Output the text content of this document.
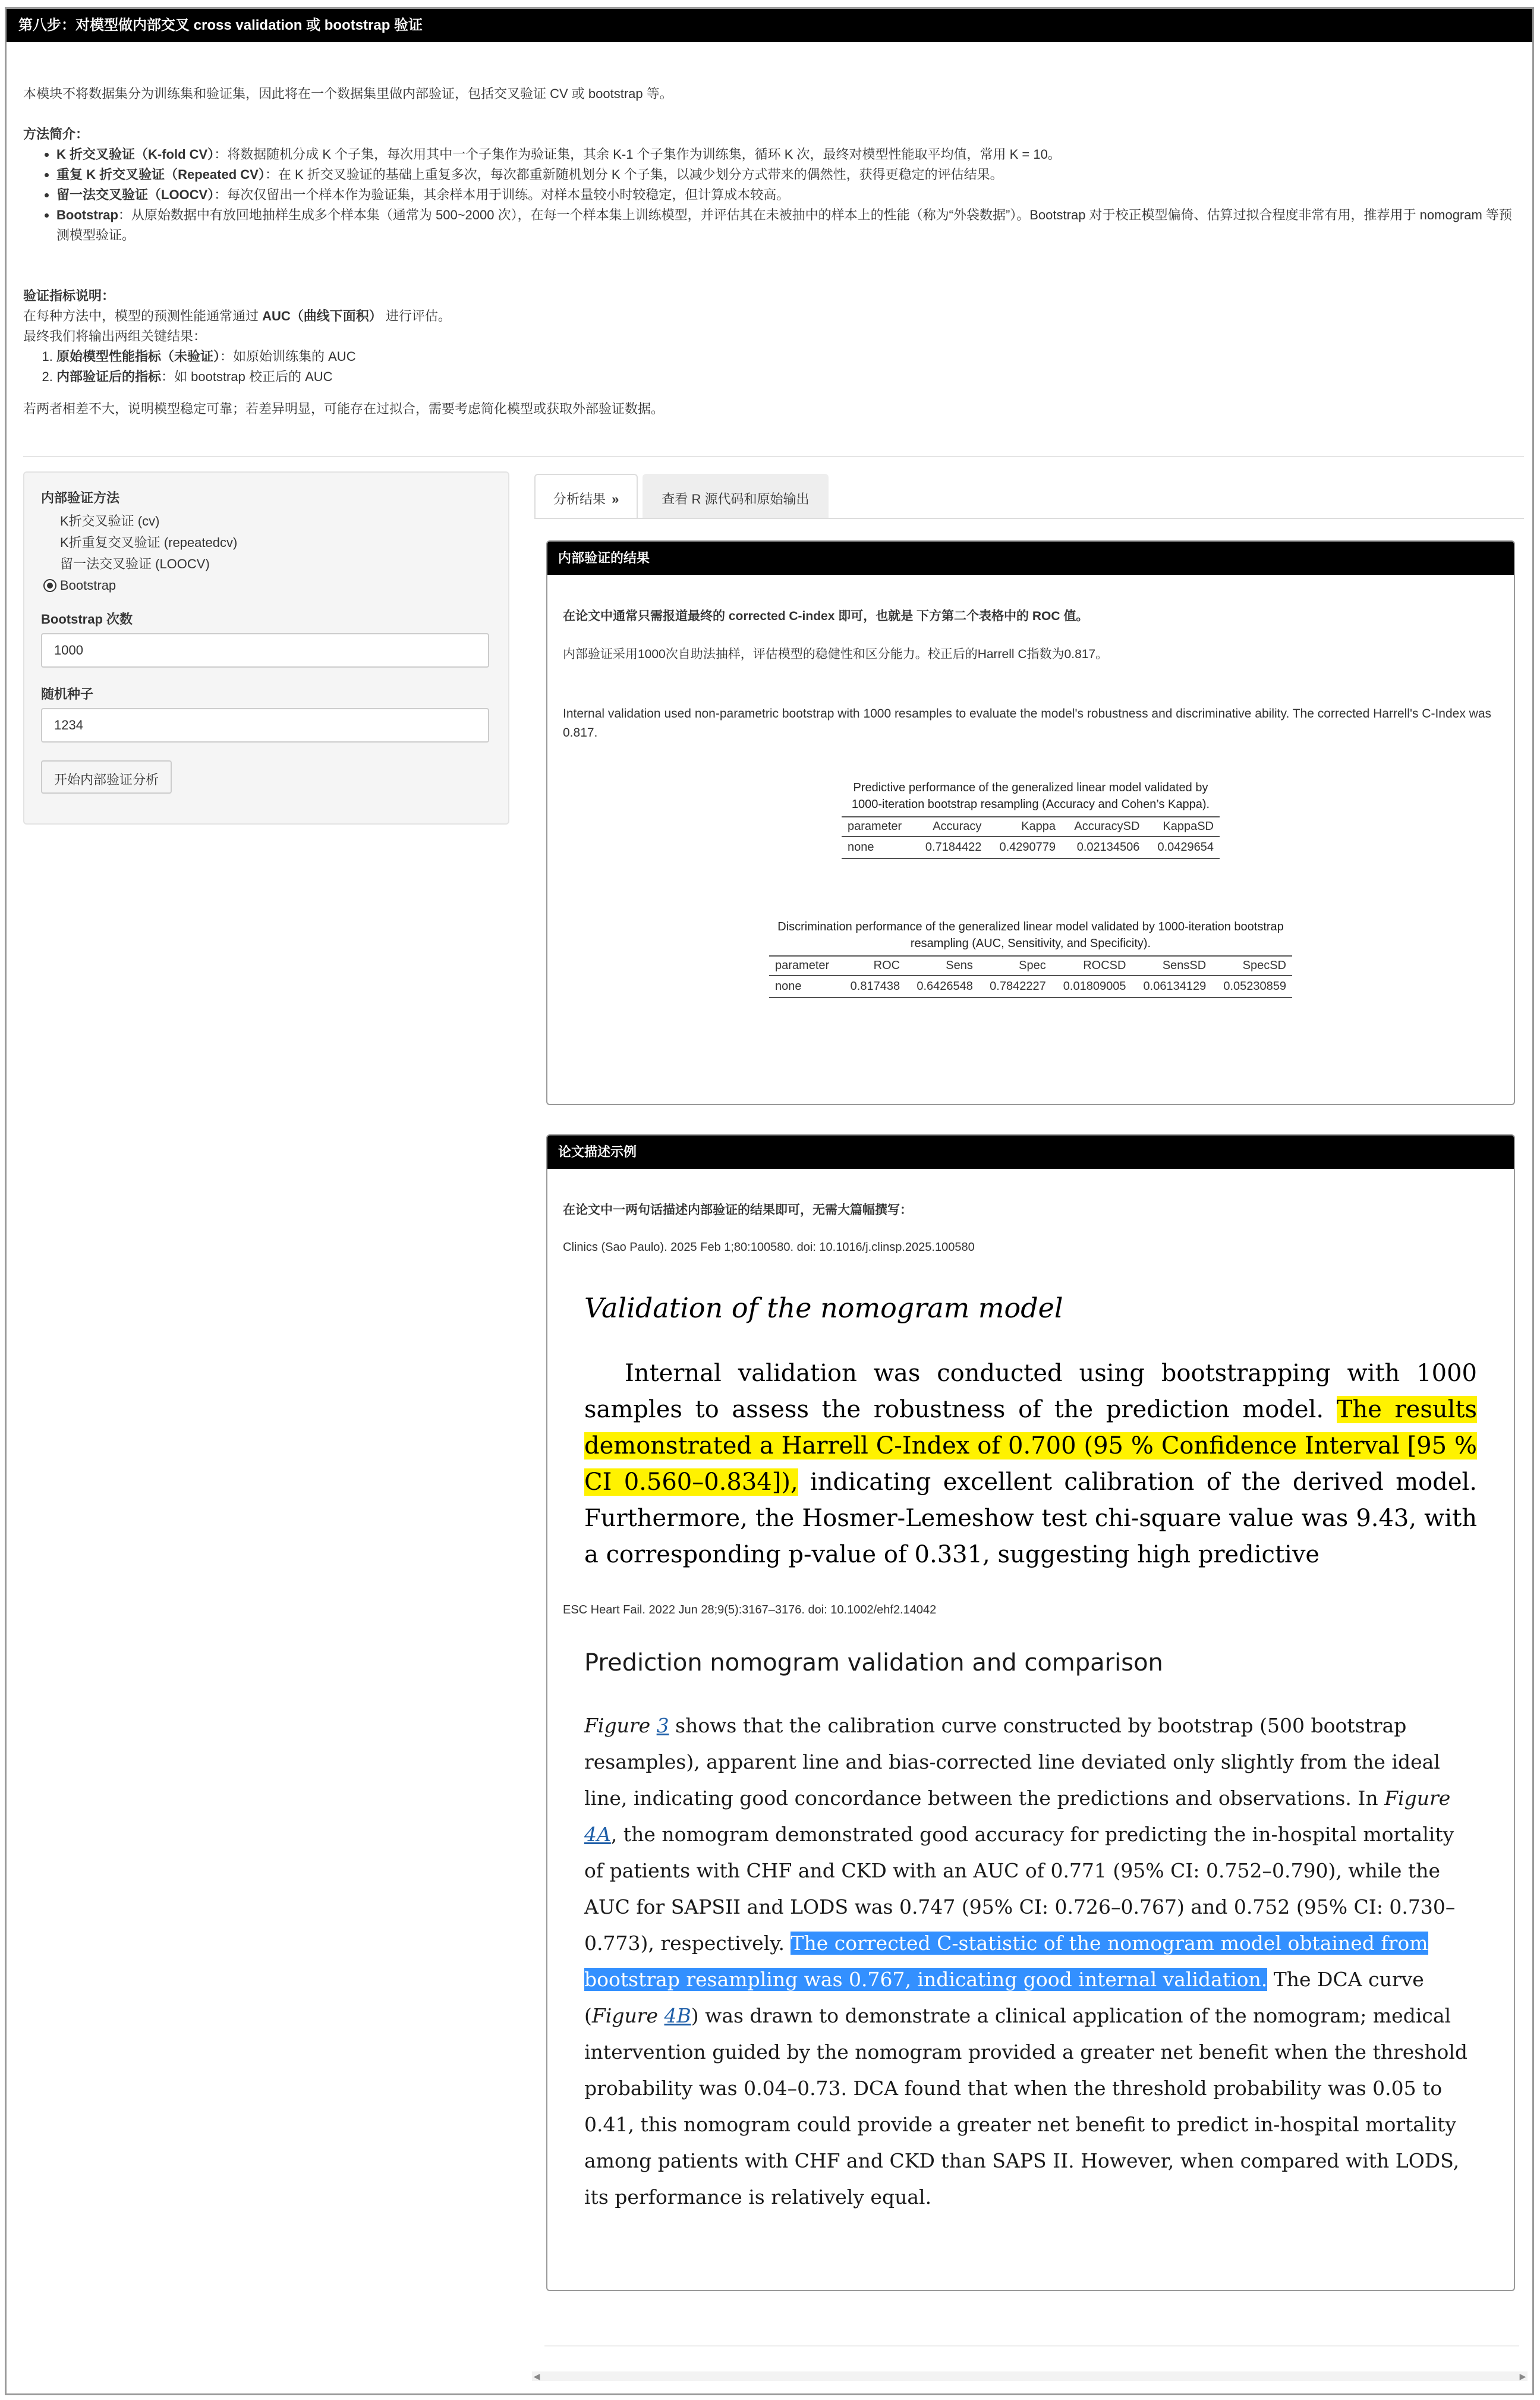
第八步：对模型做内部交叉 cross validation 或 bootstrap 验证

本模块不将数据集分为训练集和验证集，因此将在一个数据集里做内部验证，包括交叉验证 CV 或 bootstrap 等。

方法简介：

• K 折交叉验证（K-fold CV）：将数据随机分成 K 个子集，每次用其中一个子集作为验证集，其余 K-1 个子集作为训练集，循环 K 次，最终对模型性能取平均值，常用 K = 10。
• 重复 K 折交叉验证（Repeated CV）：在 K 折交叉验证的基础上重复多次，每次都重新随机划分 K 个子集，以减少划分方式带来的偶然性，获得更稳定的评估结果。
• 留一法交叉验证（LOOCV）：每次仅留出一个样本作为验证集，其余样本用于训练。对样本量较小时较稳定，但计算成本较高。
• Bootstrap：从原始数据中有放回地抽样生成多个样本集（通常为 500~2000 次），在每一个样本集上训练模型，并评估其在未被抽中的样本上的性能（称为“外袋数据”）。Bootstrap 对于校正模型偏倚、估算过拟合程度非常有用，推荐用于 nomogram 等预测模型验证。

验证指标说明：

在每种方法中，模型的预测性能通常通过 AUC（曲线下面积） 进行评估。

最终我们将输出两组关键结果：

1. 原始模型性能指标（未验证）：如原始训练集的 AUC
2. 内部验证后的指标：如 bootstrap 校正后的 AUC

若两者相差不大，说明模型稳定可靠；若差异明显，可能存在过拟合，需要考虑简化模型或获取外部验证数据。

内部验证方法
K折交叉验证 (cv)
K折重复交叉验证 (repeatedcv)
留一法交叉验证 (LOOCV)
Bootstrap
Bootstrap 次数
1000
随机种子
1234
开始内部验证分析
分析结果 »	查看 R 源代码和原始输出
内部验证的结果
在论文中通常只需报道最终的 corrected C-index 即可，也就是 下方第二个表格中的 ROC 值。
内部验证采用1000次自助法抽样，评估模型的稳健性和区分能力。校正后的Harrell C指数为0.817。
Internal validation used non-parametric bootstrap with 1000 resamples to evaluate the model's robustness and discriminative ability. The corrected Harrell's C-Index was 0.817.
Predictive performance of the generalized linear model validated by 1000-iteration bootstrap resampling (Accuracy and Cohen’s Kappa).
parameter	Accuracy	Kappa	AccuracySD	KappaSD
none	0.7184422	0.4290779	0.02134506	0.0429654
Discrimination performance of the generalized linear model validated by 1000-iteration bootstrap resampling (AUC, Sensitivity, and Specificity).
parameter	ROC	Sens	Spec	ROCSD	SensSD	SpecSD
none	0.817438	0.6426548	0.7842227	0.01809005	0.06134129	0.05230859
论文描述示例
在论文中一两句话描述内部验证的结果即可，无需大篇幅撰写：
Clinics (Sao Paulo). 2025 Feb 1;80:100580. doi: 10.1016/j.clinsp.2025.100580
Validation of the nomogram model
Internal validation was conducted using bootstrapping with 1000 samples to assess the robustness of the prediction model. The results demonstrated a Harrell C-Index of 0.700 (95 % Confidence Interval [95 % CI 0.560–0.834]), indicating excellent calibration of the derived model. Furthermore, the Hosmer-Lemeshow test chi-square value was 9.43, with a corresponding p-value of 0.331, suggesting high predictive
ESC Heart Fail. 2022 Jun 28;9(5):3167–3176. doi: 10.1002/ehf2.14042
Prediction nomogram validation and comparison
Figure 3 shows that the calibration curve constructed by bootstrap (500 bootstrap resamples), apparent line and bias-corrected line deviated only slightly from the ideal line, indicating good concordance between the predictions and observations. In Figure 4A, the nomogram demonstrated good accuracy for predicting the in-hospital mortality of patients with CHF and CKD with an AUC of 0.771 (95% CI: 0.752–0.790), while the AUC for SAPSII and LODS was 0.747 (95% CI: 0.726–0.767) and 0.752 (95% CI: 0.730–0.773), respectively. The corrected C-statistic of the nomogram model obtained from bootstrap resampling was 0.767, indicating good internal validation. The DCA curve (Figure 4B) was drawn to demonstrate a clinical application of the nomogram; medical intervention guided by the nomogram provided a greater net benefit when the threshold probability was 0.04–0.73. DCA found that when the threshold probability was 0.05 to 0.41, this nomogram could provide a greater net benefit to predict in-hospital mortality among patients with CHF and CKD than SAPS II. However, when compared with LODS, its performance is relatively equal.
◀	▶
